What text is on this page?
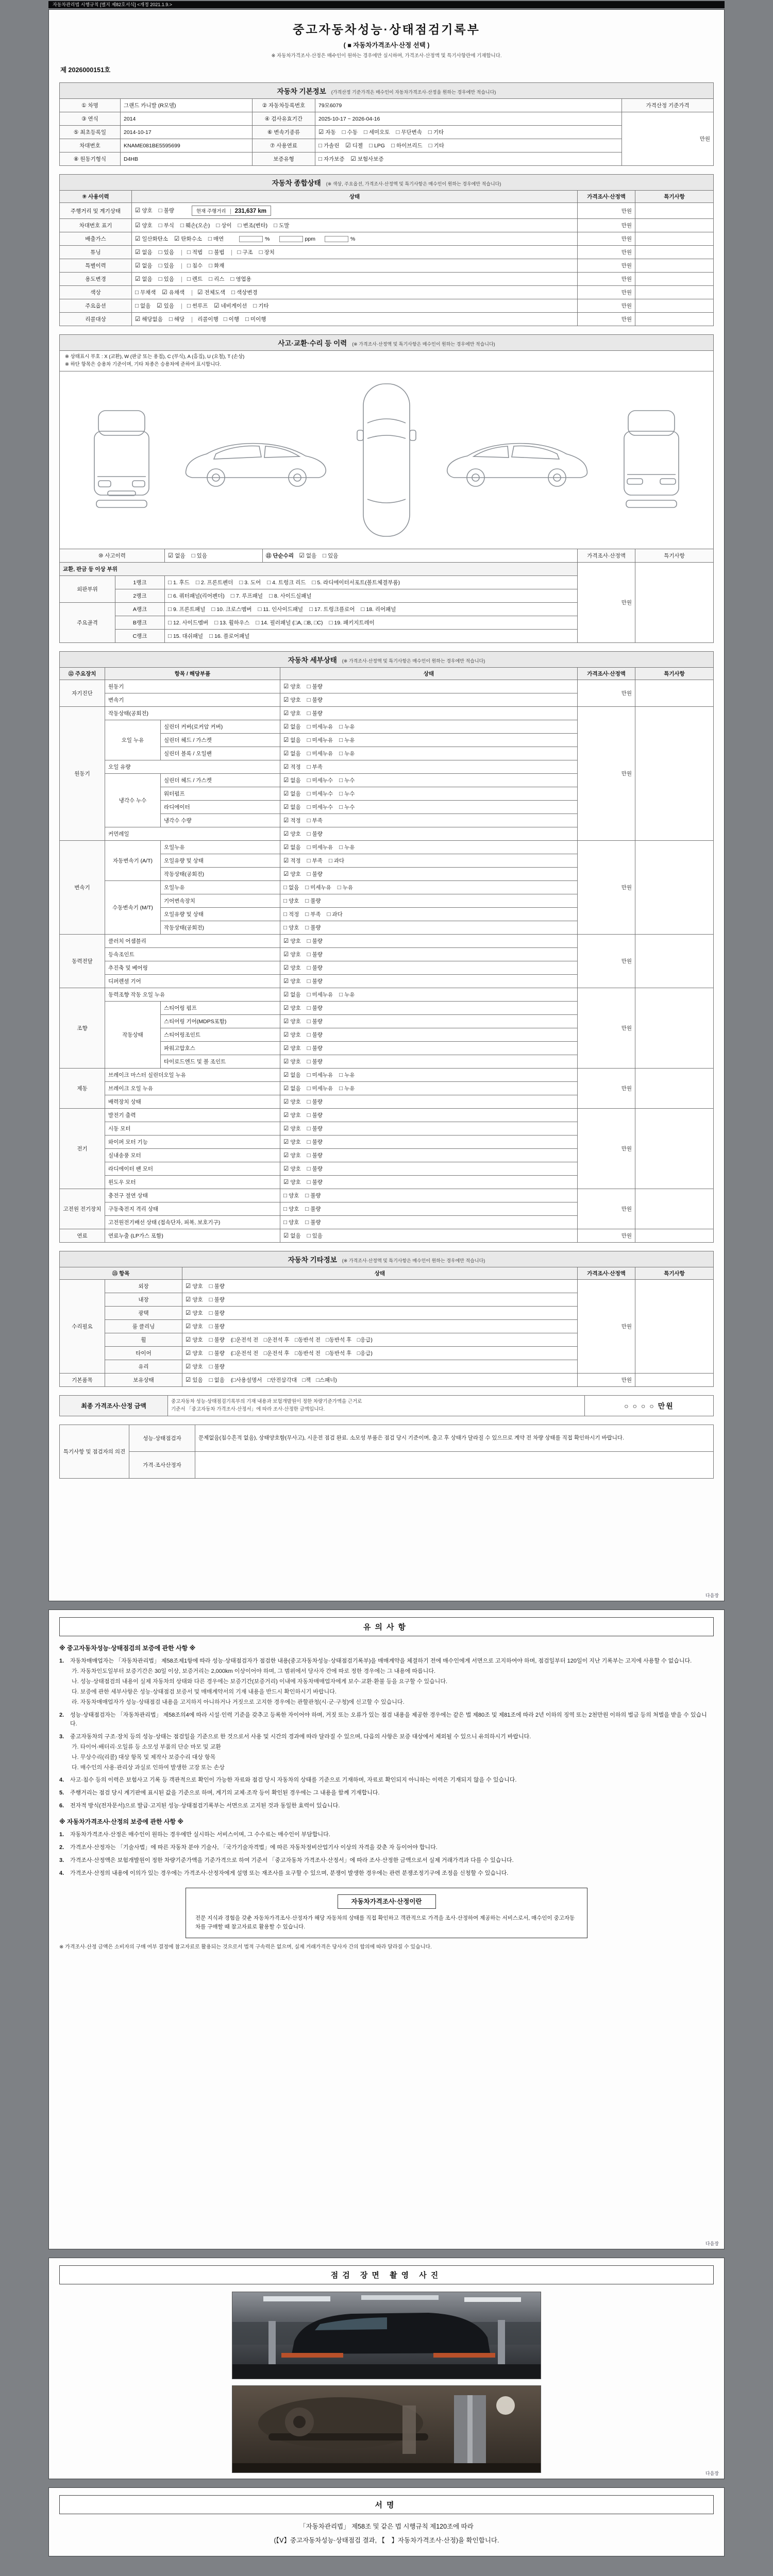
자동차관리법 시행규칙 [별지 제82호서식] <개정 2021.1.9.>
중고자동차성능·상태점검기록부
( ■ 자동차가격조사·산정 선택 )
※ 자동차가격조사·산정은 매수인이 원하는 경우에만 실시하며, 가격조사·산정액 및 특기사항란에 기재합니다.
제 2026000151호
자동차 기본정보 (가격산정 기준가격은 매수인이 자동차가격조사·산정을 원하는 경우에만 적습니다)
① 차명	그랜드 카니발 (R모델)	② 자동차등록번호	79모6079	가격산정 기준가격
③ 연식	2014	④ 검사유효기간	2025-10-17 ~ 2026-04-16	만원
⑤ 최초등록일	2014-10-17	⑥ 변속기종류	☑ 자동 □ 수동 □ 세미오토 □ 무단변속 □ 기타	
차대번호	KNAME081BE5595699	⑦ 사용연료	□ 가솔린 ☑ 디젤 □ LPG □ 하이브리드 □ 기타	
⑧ 원동기형식	D4HB	보증유형	□ 자가보증 ☑ 보험사보증	
자동차 종합상태 (※ 색상, 주요옵션, 가격조사·산정액 및 특기사항은 매수인이 원하는 경우에만 적습니다)
⑨ 사용이력	상태	가격조사·산정액	특기사항
주행거리 및 계기상태	☑ 양호 □ 불량 현재 주행거리 231,637 km	만원	
차대번호 표기	☑ 양호 □ 부식 □ 훼손(오손) □ 상이 □ 변조(변타) □ 도말	만원	
배출가스	☑ 일산화탄소 ☑ 탄화수소 □ 매연 % ppm %	만원	
튜닝	☑ 없음 □ 있음 □ 적법 □ 불법 □ 구조 □ 장치	만원	
특별이력	☑ 없음 □ 있음 □ 침수 □ 화재	만원	
용도변경	☑ 없음 □ 있음 □ 렌트 □ 리스 □ 영업용	만원	
색상	□ 무채색 ☑ 유채색 ☑ 전체도색 □ 색상변경	만원	
주요옵션	□ 없음 ☑ 있음 □ 썬루프 ☑ 네비게이션 □ 기타	만원	
리콜대상	☑ 해당없음 □ 해당 리콜이행 □ 이행 □ 미이행	만원	
사고·교환·수리 등 이력 (※ 가격조사·산정액 및 특기사항은 매수인이 원하는 경우에만 적습니다)
※ 상태표시 부호 : X (교환), W (판금 또는 용접), C (부식), A (흠집), U (요철), T (손상)
※ 하단 항목은 승용차 기준이며, 기타 차종은 승용차에 준하여 표시합니다.
⑩ 사고이력		☑ 없음 □ 있음	⑪ 단순수리　 ☑ 없음 □ 있음	가격조사·산정액	특기사항
교환, 판금 등 이상 부위				만원	
외판부위	1랭크	□ 1. 후드 □ 2. 프론트펜더 □ 3. 도어 □ 4. 트렁크 리드 □ 5. 라디에이터서포트(볼트체결부품)			
	2랭크	□ 6. 쿼터패널(리어펜더) □ 7. 루프패널 □ 8. 사이드실패널			
주요골격	A랭크	□ 9. 프론트패널 □ 10. 크로스멤버 □ 11. 인사이드패널 □ 17. 트렁크플로어 □ 18. 리어패널			
	B랭크	□ 12. 사이드멤버 □ 13. 휠하우스 □ 14. 필러패널 (□A, □B, □C) □ 19. 패키지트레이			
	C랭크	□ 15. 대쉬패널 □ 16. 플로어패널			
자동차 세부상태 (※ 가격조사·산정액 및 특기사항은 매수인이 원하는 경우에만 적습니다)
⑫ 주요장치	항목 / 해당부품		상태	가격조사·산정액	특기사항
자기진단	원동기		☑ 양호 □ 불량	만원	
	변속기		☑ 양호 □ 불량		
원동기	작동상태(공회전)		☑ 양호 □ 불량	만원	
	오일 누유	실린더 커버(로커암 커버)	☑ 없음 □ 미세누유 □ 누유		
		실린더 헤드 / 가스켓	☑ 없음 □ 미세누유 □ 누유		
		실린더 블록 / 오일팬	☑ 없음 □ 미세누유 □ 누유		
	오일 유량		☑ 적정 □ 부족		
	냉각수 누수	실린더 헤드 / 가스켓	☑ 없음 □ 미세누수 □ 누수		
		워터펌프	☑ 없음 □ 미세누수 □ 누수		
		라디에이터	☑ 없음 □ 미세누수 □ 누수		
		냉각수 수량	☑ 적정 □ 부족		
	커먼레일		☑ 양호 □ 불량		
변속기	자동변속기 (A/T)	오일누유	☑ 없음 □ 미세누유 □ 누유	만원	
		오일유량 및 상태	☑ 적정 □ 부족 □ 과다		
		작동상태(공회전)	☑ 양호 □ 불량		
	수동변속기 (M/T)	오일누유	□ 없음 □ 미세누유 □ 누유		
		기어변속장치	□ 양호 □ 불량		
		오일유량 및 상태	□ 적정 □ 부족 □ 과다		
		작동상태(공회전)	□ 양호 □ 불량		
동력전달	클러치 어셈블리		☑ 양호 □ 불량	만원	
	등속조인트		☑ 양호 □ 불량		
	추진축 및 베어링		☑ 양호 □ 불량		
	디퍼렌셜 기어		☑ 양호 □ 불량		
조향	동력조향 작동 오일 누유		☑ 없음 □ 미세누유 □ 누유	만원	
	작동상태	스티어링 펌프	☑ 양호 □ 불량		
		스티어링 기어(MDPS포함)	☑ 양호 □ 불량		
		스티어링조인트	☑ 양호 □ 불량		
		파워고압호스	☑ 양호 □ 불량		
		타이로드엔드 및 볼 조인트	☑ 양호 □ 불량		
제동	브레이크 마스터 실린더오일 누유		☑ 없음 □ 미세누유 □ 누유	만원	
	브레이크 오일 누유		☑ 없음 □ 미세누유 □ 누유		
	배력장치 상태		☑ 양호 □ 불량		
전기	발전기 출력		☑ 양호 □ 불량	만원	
	시동 모터		☑ 양호 □ 불량		
	와이퍼 모터 기능		☑ 양호 □ 불량		
	실내송풍 모터		☑ 양호 □ 불량		
	라디에이터 팬 모터		☑ 양호 □ 불량		
	윈도우 모터		☑ 양호 □ 불량		
고전원 전기장치	충전구 절연 상태		□ 양호 □ 불량	만원	
	구동축전지 격리 상태		□ 양호 □ 불량		
	고전원전기배선 상태 (접속단자, 피복, 보호기구)		□ 양호 □ 불량		
연료	연료누출 (LP가스 포함)		☑ 없음 □ 있음	만원	
자동차 기타정보 (※ 가격조사·산정액 및 특기사항은 매수인이 원하는 경우에만 적습니다)
⑬ 항목		상태	가격조사·산정액	특기사항
수리필요	외장	☑ 양호 □ 불량	만원	
	내장	☑ 양호 □ 불량		
	광택	☑ 양호 □ 불량		
	룸 클리닝	☑ 양호 □ 불량		
	휠	☑ 양호 □ 불량 (□운전석 전　□운전석 후　□동반석 전　□동반석 후　□응급)		
	타이어	☑ 양호 □ 불량 (□운전석 전　□운전석 후　□동반석 전　□동반석 후　□응급)		
	유리	☑ 양호 □ 불량		
기본품목	보유상태	☑ 있음 □ 없음 (□사용설명서　□안전삼각대　□잭　□스패너)	만원	
최종 가격조사·산정 금액	중고자동차 성능·상태점검기록부의 기재 내용과 보험개발원이 정한 차량기준가액을 근거로
기준서 「중고자동차 가격조사·산정서」에 따라 조사·산정한 금액입니다.	○ ○ ○ ○ 만원
특기사항 및 점검자의 의견	성능·상태점검자	문제없음(침수흔적 없음), 상태양호함(무사고), 시운전 점검 완료. 소모성 부품은 점검 당시 기준이며, 출고 후 상태가 달라질 수 있으므로 계약 전 차량 상태를 직접 확인하시기 바랍니다.
	가격·조사산정자	
다음장
유의사항
※ 중고자동차성능·상태점검의 보증에 관한 사항 ※
1.	자동차매매업자는 「자동차관리법」 제58조제1항에 따라 성능·상태점검자가 점검한 내용(중고자동차성능·상태점검기록부)을 매매계약을 체결하기 전에 매수인에게 서면으로 고지하여야 하며, 점검일부터 120일이 지난 기록부는 고지에 사용할 수 없습니다.
가. 자동차인도일부터 보증기간은 30일 이상, 보증거리는 2,000km 이상이어야 하며, 그 범위에서 당사자 간에 따로 정한 경우에는 그 내용에 따릅니다.
나. 성능·상태점검의 내용이 실제 자동차의 상태와 다른 경우에는 보증기간(보증거리) 이내에 자동차매매업자에게 보수·교환·환불 등을 요구할 수 있습니다.
다. 보증에 관한 세부사항은 성능·상태점검 보증서 및 매매계약서의 기재 내용을 반드시 확인하시기 바랍니다.
라. 자동차매매업자가 성능·상태점검 내용을 고지하지 아니하거나 거짓으로 고지한 경우에는 관할관청(시·군·구청)에 신고할 수 있습니다.
2.	성능·상태점검자는 「자동차관리법」 제58조의4에 따라 시설·인력 기준을 갖추고 등록한 자이어야 하며, 거짓 또는 오류가 있는 점검 내용을 제공한 경우에는 같은 법 제80조 및 제81조에 따라 2년 이하의 징역 또는 2천만원 이하의 벌금 등의 처벌을 받을 수 있습니다.
3.	중고자동차의 구조·장치 등의 성능·상태는 점검일을 기준으로 한 것으로서 사용 및 시간의 경과에 따라 달라질 수 있으며, 다음의 사항은 보증 대상에서 제외될 수 있으니 유의하시기 바랍니다.
가. 타이어·배터리·오일류 등 소모성 부품의 단순 마모 및 교환
나. 무상수리(리콜) 대상 항목 및 제작사 보증수리 대상 항목
다. 매수인의 사용·관리상 과실로 인하여 발생한 고장 또는 손상
4.	사고·침수 등의 이력은 보험사고 기록 등 객관적으로 확인이 가능한 자료와 점검 당시 자동차의 상태를 기준으로 기재하며, 자료로 확인되지 아니하는 이력은 기재되지 않을 수 있습니다.
5.	주행거리는 점검 당시 계기판에 표시된 값을 기준으로 하며, 계기의 교체·조작 등이 확인된 경우에는 그 내용을 함께 기재합니다.
6.	전자적 방식(전자문서)으로 발급·고지된 성능·상태점검기록부는 서면으로 고지된 것과 동일한 효력이 있습니다.
※ 자동차가격조사·산정의 보증에 관한 사항 ※
1.	자동차가격조사·산정은 매수인이 원하는 경우에만 실시하는 서비스이며, 그 수수료는 매수인이 부담합니다.
2.	가격조사·산정자는 「기술사법」에 따른 자동차 분야 기술사, 「국가기술자격법」에 따른 자동차정비산업기사 이상의 자격을 갖춘 자 등이어야 합니다.
3.	가격조사·산정액은 보험개발원이 정한 차량기준가액을 기준가격으로 하여 기준서 「중고자동차 가격조사·산정서」에 따라 조사·산정한 금액으로서 실제 거래가격과 다를 수 있습니다.
4.	가격조사·산정의 내용에 이의가 있는 경우에는 가격조사·산정자에게 설명 또는 재조사를 요구할 수 있으며, 분쟁이 발생한 경우에는 관련 분쟁조정기구에 조정을 신청할 수 있습니다.
자동차가격조사·산정이란
전문 지식과 경험을 갖춘 자동차가격조사·산정자가 해당 자동차의 상태를 직접 확인하고 객관적으로 가격을 조사·산정하여 제공하는 서비스로서, 매수인이 중고자동차를 구매할 때 참고자료로 활용할 수 있습니다.
※ 가격조사·산정 금액은 소비자의 구매 여부 결정에 참고자료로 활용되는 것으로서 법적 구속력은 없으며, 실제 거래가격은 당사자 간의 합의에 따라 달라질 수 있습니다.
다음장
점검 장면 촬영 사진
다음장
서명
「자동차관리법」 제58조 및 같은 법 시행규칙 제120조에 따라
(【Ⅴ】중고자동차성능·상태점검 결과, 【　】자동차가격조사·산정)을 확인합니다.
